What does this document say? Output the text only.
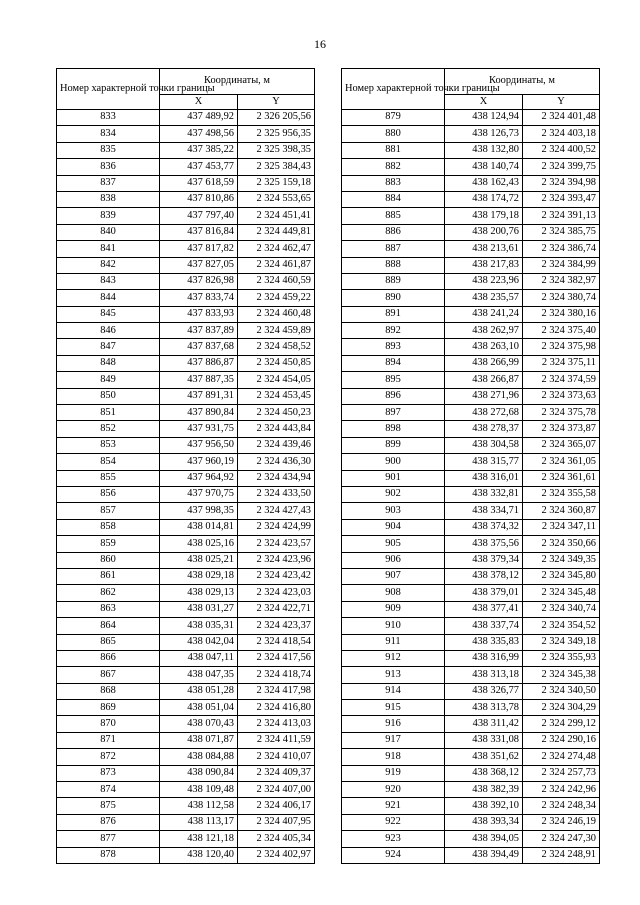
16
Номер характерной точки границы	Координаты, м	
	X	Y
833	437 489,92	2 326 205,56
834	437 498,56	2 325 956,35
835	437 385,22	2 325 398,35
836	437 453,77	2 325 384,43
837	437 618,59	2 325 159,18
838	437 810,86	2 324 553,65
839	437 797,40	2 324 451,41
840	437 816,84	2 324 449,81
841	437 817,82	2 324 462,47
842	437 827,05	2 324 461,87
843	437 826,98	2 324 460,59
844	437 833,74	2 324 459,22
845	437 833,93	2 324 460,48
846	437 837,89	2 324 459,89
847	437 837,68	2 324 458,52
848	437 886,87	2 324 450,85
849	437 887,35	2 324 454,05
850	437 891,31	2 324 453,45
851	437 890,84	2 324 450,23
852	437 931,75	2 324 443,84
853	437 956,50	2 324 439,46
854	437 960,19	2 324 436,30
855	437 964,92	2 324 434,94
856	437 970,75	2 324 433,50
857	437 998,35	2 324 427,43
858	438 014,81	2 324 424,99
859	438 025,16	2 324 423,57
860	438 025,21	2 324 423,96
861	438 029,18	2 324 423,42
862	438 029,13	2 324 423,03
863	438 031,27	2 324 422,71
864	438 035,31	2 324 423,37
865	438 042,04	2 324 418,54
866	438 047,11	2 324 417,56
867	438 047,35	2 324 418,74
868	438 051,28	2 324 417,98
869	438 051,04	2 324 416,80
870	438 070,43	2 324 413,03
871	438 071,87	2 324 411,59
872	438 084,88	2 324 410,07
873	438 090,84	2 324 409,37
874	438 109,48	2 324 407,00
875	438 112,58	2 324 406,17
876	438 113,17	2 324 407,95
877	438 121,18	2 324 405,34
878	438 120,40	2 324 402,97
Номер характерной точки границы	Координаты, м	
	X	Y
879	438 124,94	2 324 401,48
880	438 126,73	2 324 403,18
881	438 132,80	2 324 400,52
882	438 140,74	2 324 399,75
883	438 162,43	2 324 394,98
884	438 174,72	2 324 393,47
885	438 179,18	2 324 391,13
886	438 200,76	2 324 385,75
887	438 213,61	2 324 386,74
888	438 217,83	2 324 384,99
889	438 223,96	2 324 382,97
890	438 235,57	2 324 380,74
891	438 241,24	2 324 380,16
892	438 262,97	2 324 375,40
893	438 263,10	2 324 375,98
894	438 266,99	2 324 375,11
895	438 266,87	2 324 374,59
896	438 271,96	2 324 373,63
897	438 272,68	2 324 375,78
898	438 278,37	2 324 373,87
899	438 304,58	2 324 365,07
900	438 315,77	2 324 361,05
901	438 316,01	2 324 361,61
902	438 332,81	2 324 355,58
903	438 334,71	2 324 360,87
904	438 374,32	2 324 347,11
905	438 375,56	2 324 350,66
906	438 379,34	2 324 349,35
907	438 378,12	2 324 345,80
908	438 379,01	2 324 345,48
909	438 377,41	2 324 340,74
910	438 337,74	2 324 354,52
911	438 335,83	2 324 349,18
912	438 316,99	2 324 355,93
913	438 313,18	2 324 345,38
914	438 326,77	2 324 340,50
915	438 313,78	2 324 304,29
916	438 311,42	2 324 299,12
917	438 331,08	2 324 290,16
918	438 351,62	2 324 274,48
919	438 368,12	2 324 257,73
920	438 382,39	2 324 242,96
921	438 392,10	2 324 248,34
922	438 393,34	2 324 246,19
923	438 394,05	2 324 247,30
924	438 394,49	2 324 248,91
